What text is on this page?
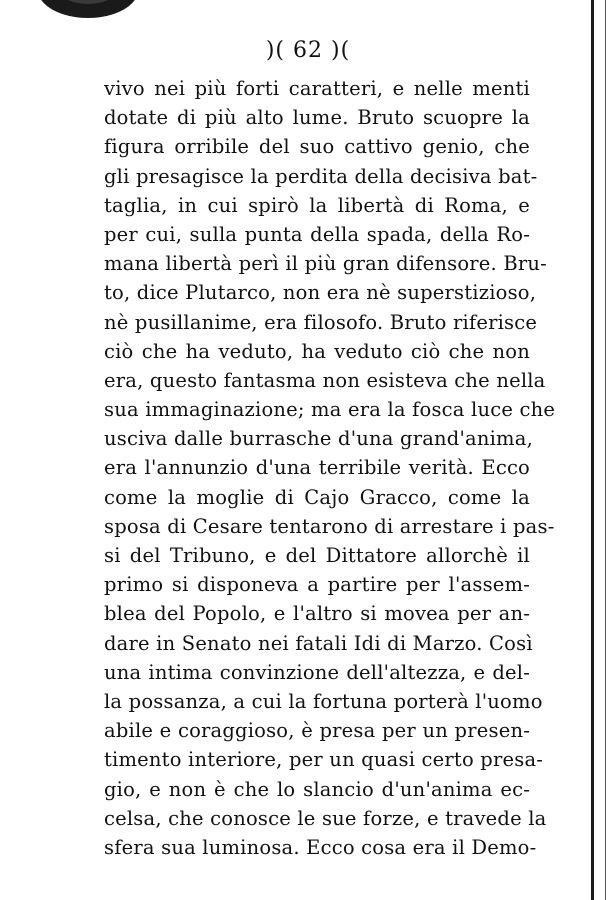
)( 62 )(
vivo nei più forti caratteri, e nelle menti
dotate di più alto lume. Bruto scuopre la
figura orribile del suo cattivo genio, che
gli presagisce la perdita della decisiva bat-
taglia, in cui spirò la libertà di Roma, e
per cui, sulla punta della spada, della Ro-
mana libertà perì il più gran difensore. Bru-
to, dice Plutarco, non era nè superstizioso,
nè pusillanime, era filosofo. Bruto riferisce
ciò che ha veduto, ha veduto ciò che non
era, questo fantasma non esisteva che nella
sua immaginazione; ma era la fosca luce che
usciva dalle burrasche d'una grand'anima,
era l'annunzio d'una terribile verità. Ecco
come la moglie di Cajo Gracco, come la
sposa di Cesare tentarono di arrestare i pas-
si del Tribuno, e del Dittatore allorchè il
primo si disponeva a partire per l'assem-
blea del Popolo, e l'altro si movea per an-
dare in Senato nei fatali Idi di Marzo. Così
una intima convinzione dell'altezza, e del-
la possanza, a cui la fortuna porterà l'uomo
abile e coraggioso, è presa per un presen-
timento interiore, per un quasi certo presa-
gio, e non è che lo slancio d'un'anima ec-
celsa, che conosce le sue forze, e travede la
sfera sua luminosa. Ecco cosa era il Demo-
